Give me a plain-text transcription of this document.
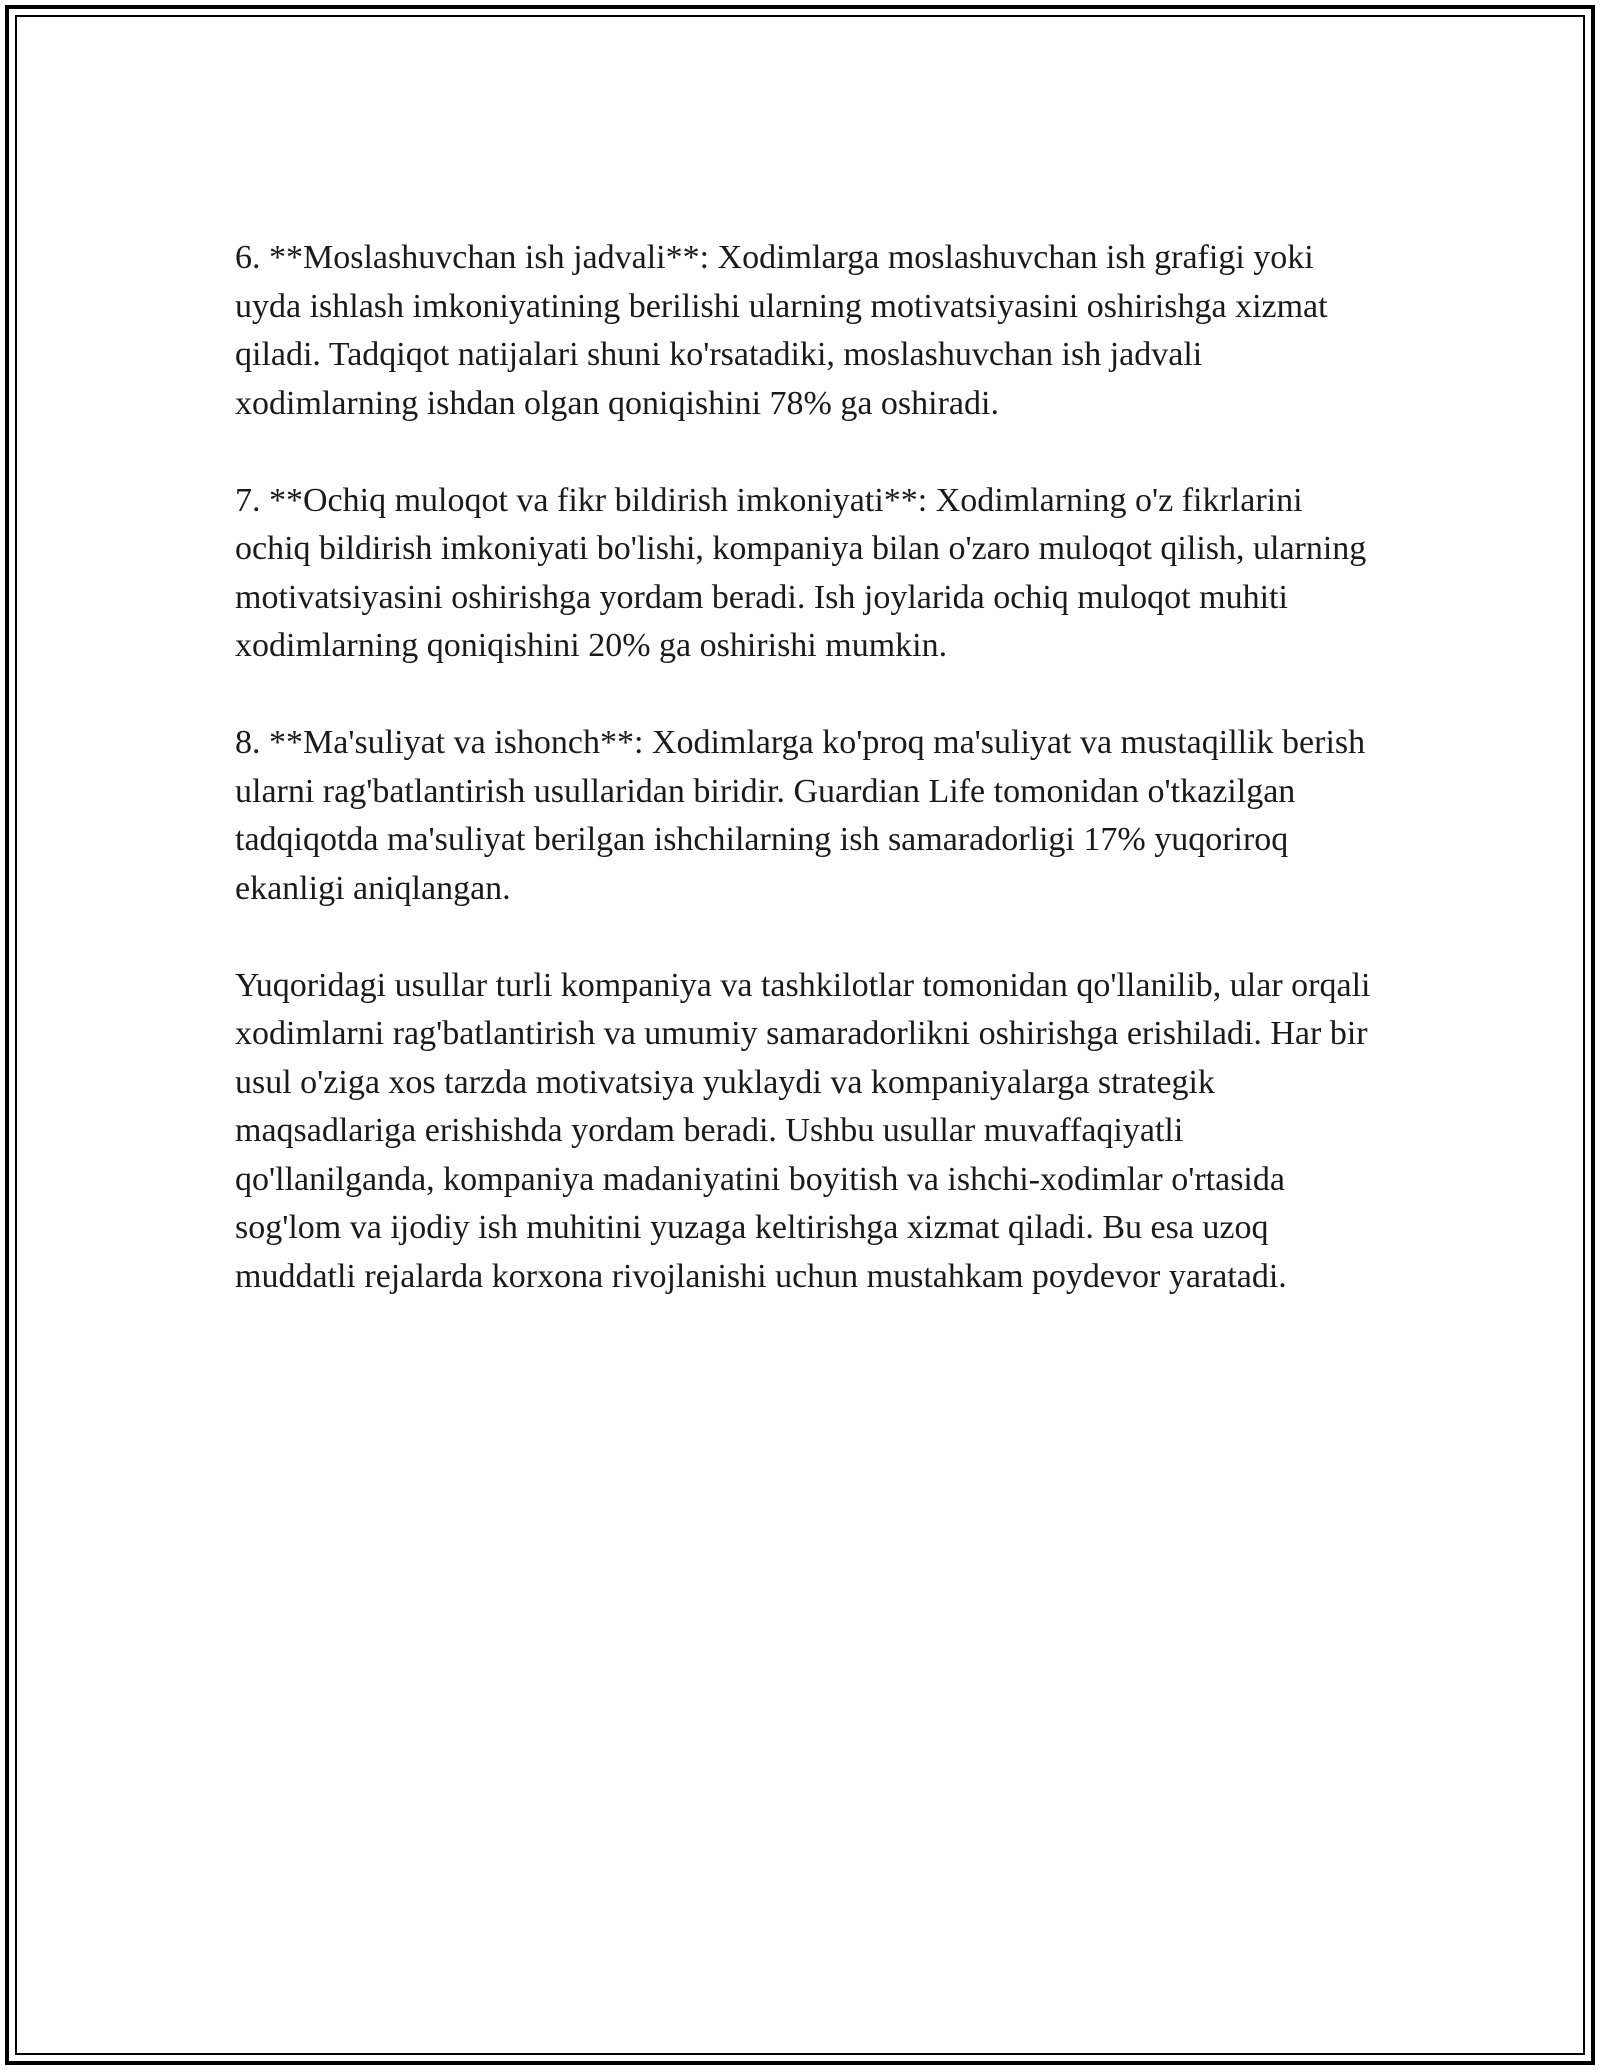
6. **Moslashuvchan ish jadvali**: Xodimlarga moslashuvchan ish grafigi yoki uyda ishlash imkoniyatining berilishi ularning motivatsiyasini oshirishga xizmat qiladi. Tadqiqot natijalari shuni ko'rsatadiki, moslashuvchan ish jadvali xodimlarning ishdan olgan qoniqishini 78% ga oshiradi.

7. **Ochiq muloqot va fikr bildirish imkoniyati**: Xodimlarning o'z fikrlarini ochiq bildirish imkoniyati bo'lishi, kompaniya bilan o'zaro muloqot qilish, ularning motivatsiyasini oshirishga yordam beradi. Ish joylarida ochiq muloqot muhiti xodimlarning qoniqishini 20% ga oshirishi mumkin.

8. **Ma'suliyat va ishonch**: Xodimlarga ko'proq ma'suliyat va mustaqillik berish ularni rag'batlantirish usullaridan biridir. Guardian Life tomonidan o'tkazilgan tadqiqotda ma'suliyat berilgan ishchilarning ish samaradorligi 17% yuqoriroq ekanligi aniqlangan.

Yuqoridagi usullar turli kompaniya va tashkilotlar tomonidan qo'llanilib, ular orqali xodimlarni rag'batlantirish va umumiy samaradorlikni oshirishga erishiladi. Har bir usul o'ziga xos tarzda motivatsiya yuklaydi va kompaniyalarga strategik maqsadlariga erishishda yordam beradi. Ushbu usullar muvaffaqiyatli qo'llanilganda, kompaniya madaniyatini boyitish va ishchi-xodimlar o'rtasida sog'lom va ijodiy ish muhitini yuzaga keltirishga xizmat qiladi. Bu esa uzoq muddatli rejalarda korxona rivojlanishi uchun mustahkam poydevor yaratadi.
